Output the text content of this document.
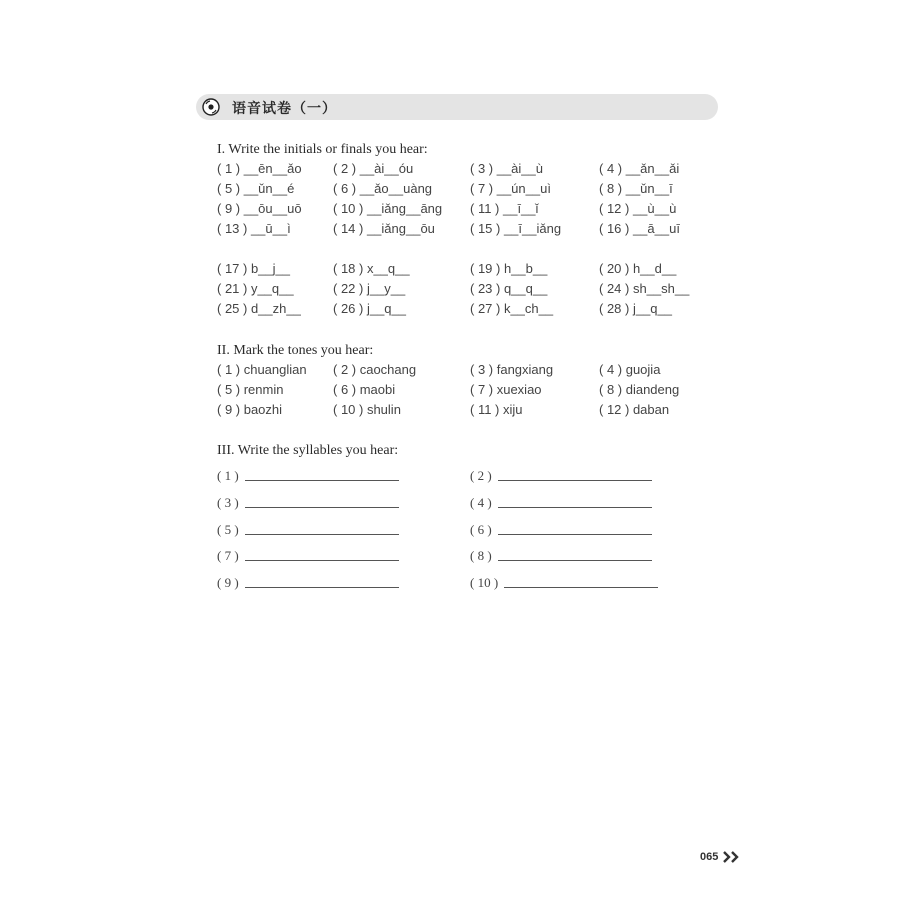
语音试卷（一）
I. Write the initials or finals you hear:
( 1 ) __ēn__ǎo ( 2 ) __ài__óu	( 3 ) __ài__ù	( 4 ) __ǎn__ǎi
( 5 ) __ǔn__é	( 6 ) __ǎo__uàng	( 7 ) __ún__uì	( 8 ) __ǔn__ī
( 9 ) __ōu__uō ( 10 ) __iǎng__āng ( 11 ) __ī__ǐ	( 12 ) __ù__ù
( 13 ) __ū__ì	( 14 ) __iǎng__ōu	( 15 ) __ī__iǎng	( 16 ) __ā__uī
( 17 ) b__j__	( 18 ) x__q__	( 19 ) h__b__	( 20 ) h__d__
( 21 ) y__q__	( 22 ) j__y__	( 23 ) q__q__	( 24 ) sh__sh__
( 25 ) d__zh__ ( 26 ) j__q__	( 27 ) k__ch__	( 28 ) j__q__
II. Mark the tones you hear:
( 1 ) chuanglian ( 2 ) caochang	( 3 ) fangxiang	( 4 ) guojia
( 5 ) renmin	( 6 ) maobi	( 7 ) xuexiao	( 8 ) diandeng
( 9 ) baozhi	( 10 ) shulin	( 11 ) xiju	( 12 ) daban
III. Write the syllables you hear:
( 1 )	( 2 )
( 3 )	( 4 )
( 5 )	( 6 )
( 7 )	( 8 )
( 9 )	( 10 )
065
